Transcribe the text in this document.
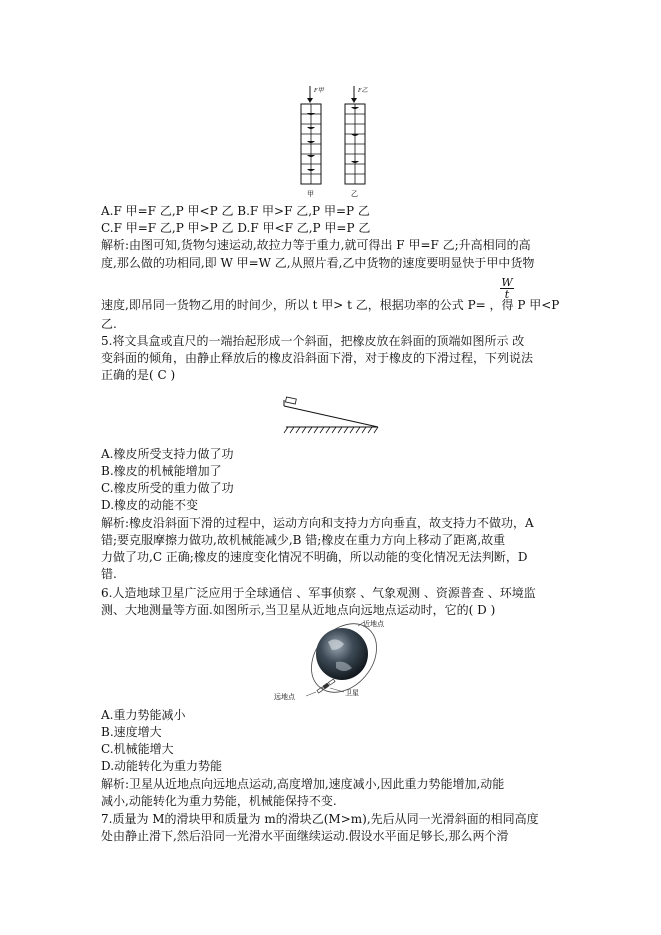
F甲	F乙
甲	乙
A.F 甲=F 乙,P 甲<P 乙 B.F 甲>F 乙,P 甲=P 乙
C.F 甲=F 乙,P 甲>P 乙 D.F 甲<F 乙,P 甲=P 乙
解析:由图可知,货物匀速运动,故拉力等于重力,就可得出 F 甲=F 乙;升高相同的高
度,那么做的功相同,即 W 甲=W 乙,从照片看,乙中货物的速度要明显快于甲中货物
$\frac{W}{t}$
速度,即吊同一货物乙用的时间少，所以 t 甲> t 乙，根据功率的公式 P= ，得 P 甲<P
乙.
5.将文具盒或直尺的一端抬起形成一个斜面，把橡皮放在斜面的顶端如图所示 改
变斜面的倾角，由静止释放后的橡皮沿斜面下滑，对于橡皮的下滑过程，下列说法
正确的是( C )
A.橡皮所受支持力做了功
B.橡皮的机械能增加了
C.橡皮所受的重力做了功
D.橡皮的动能不变
解析:橡皮沿斜面下滑的过程中，运动方向和支持力方向垂直，故支持力不做功，A
错;要克服摩擦力做功,故机械能减少,B 错;橡皮在重力方向上移动了距离,故重
力做了功,C 正确;橡皮的速度变化情况不明确，所以动能的变化情况无法判断，D
错.
6.人造地球卫星广泛应用于全球通信 、军事侦察 、气象观测 、资源普查 、环境监
测、大地测量等方面.如图所示,当卫星从近地点向远地点运动时，它的( D )
近地点
远地点	卫星
A.重力势能减小
B.速度增大
C.机械能增大
D.动能转化为重力势能
解析:卫星从近地点向远地点运动,高度增加,速度减小,因此重力势能增加,动能
减小,动能转化为重力势能，机械能保持不变.
7.质量为 M的滑块甲和质量为 m的滑块乙(M>m),先后从同一光滑斜面的相同高度
处由静止滑下,然后沿同一光滑水平面继续运动.假设水平面足够长,那么两个滑
